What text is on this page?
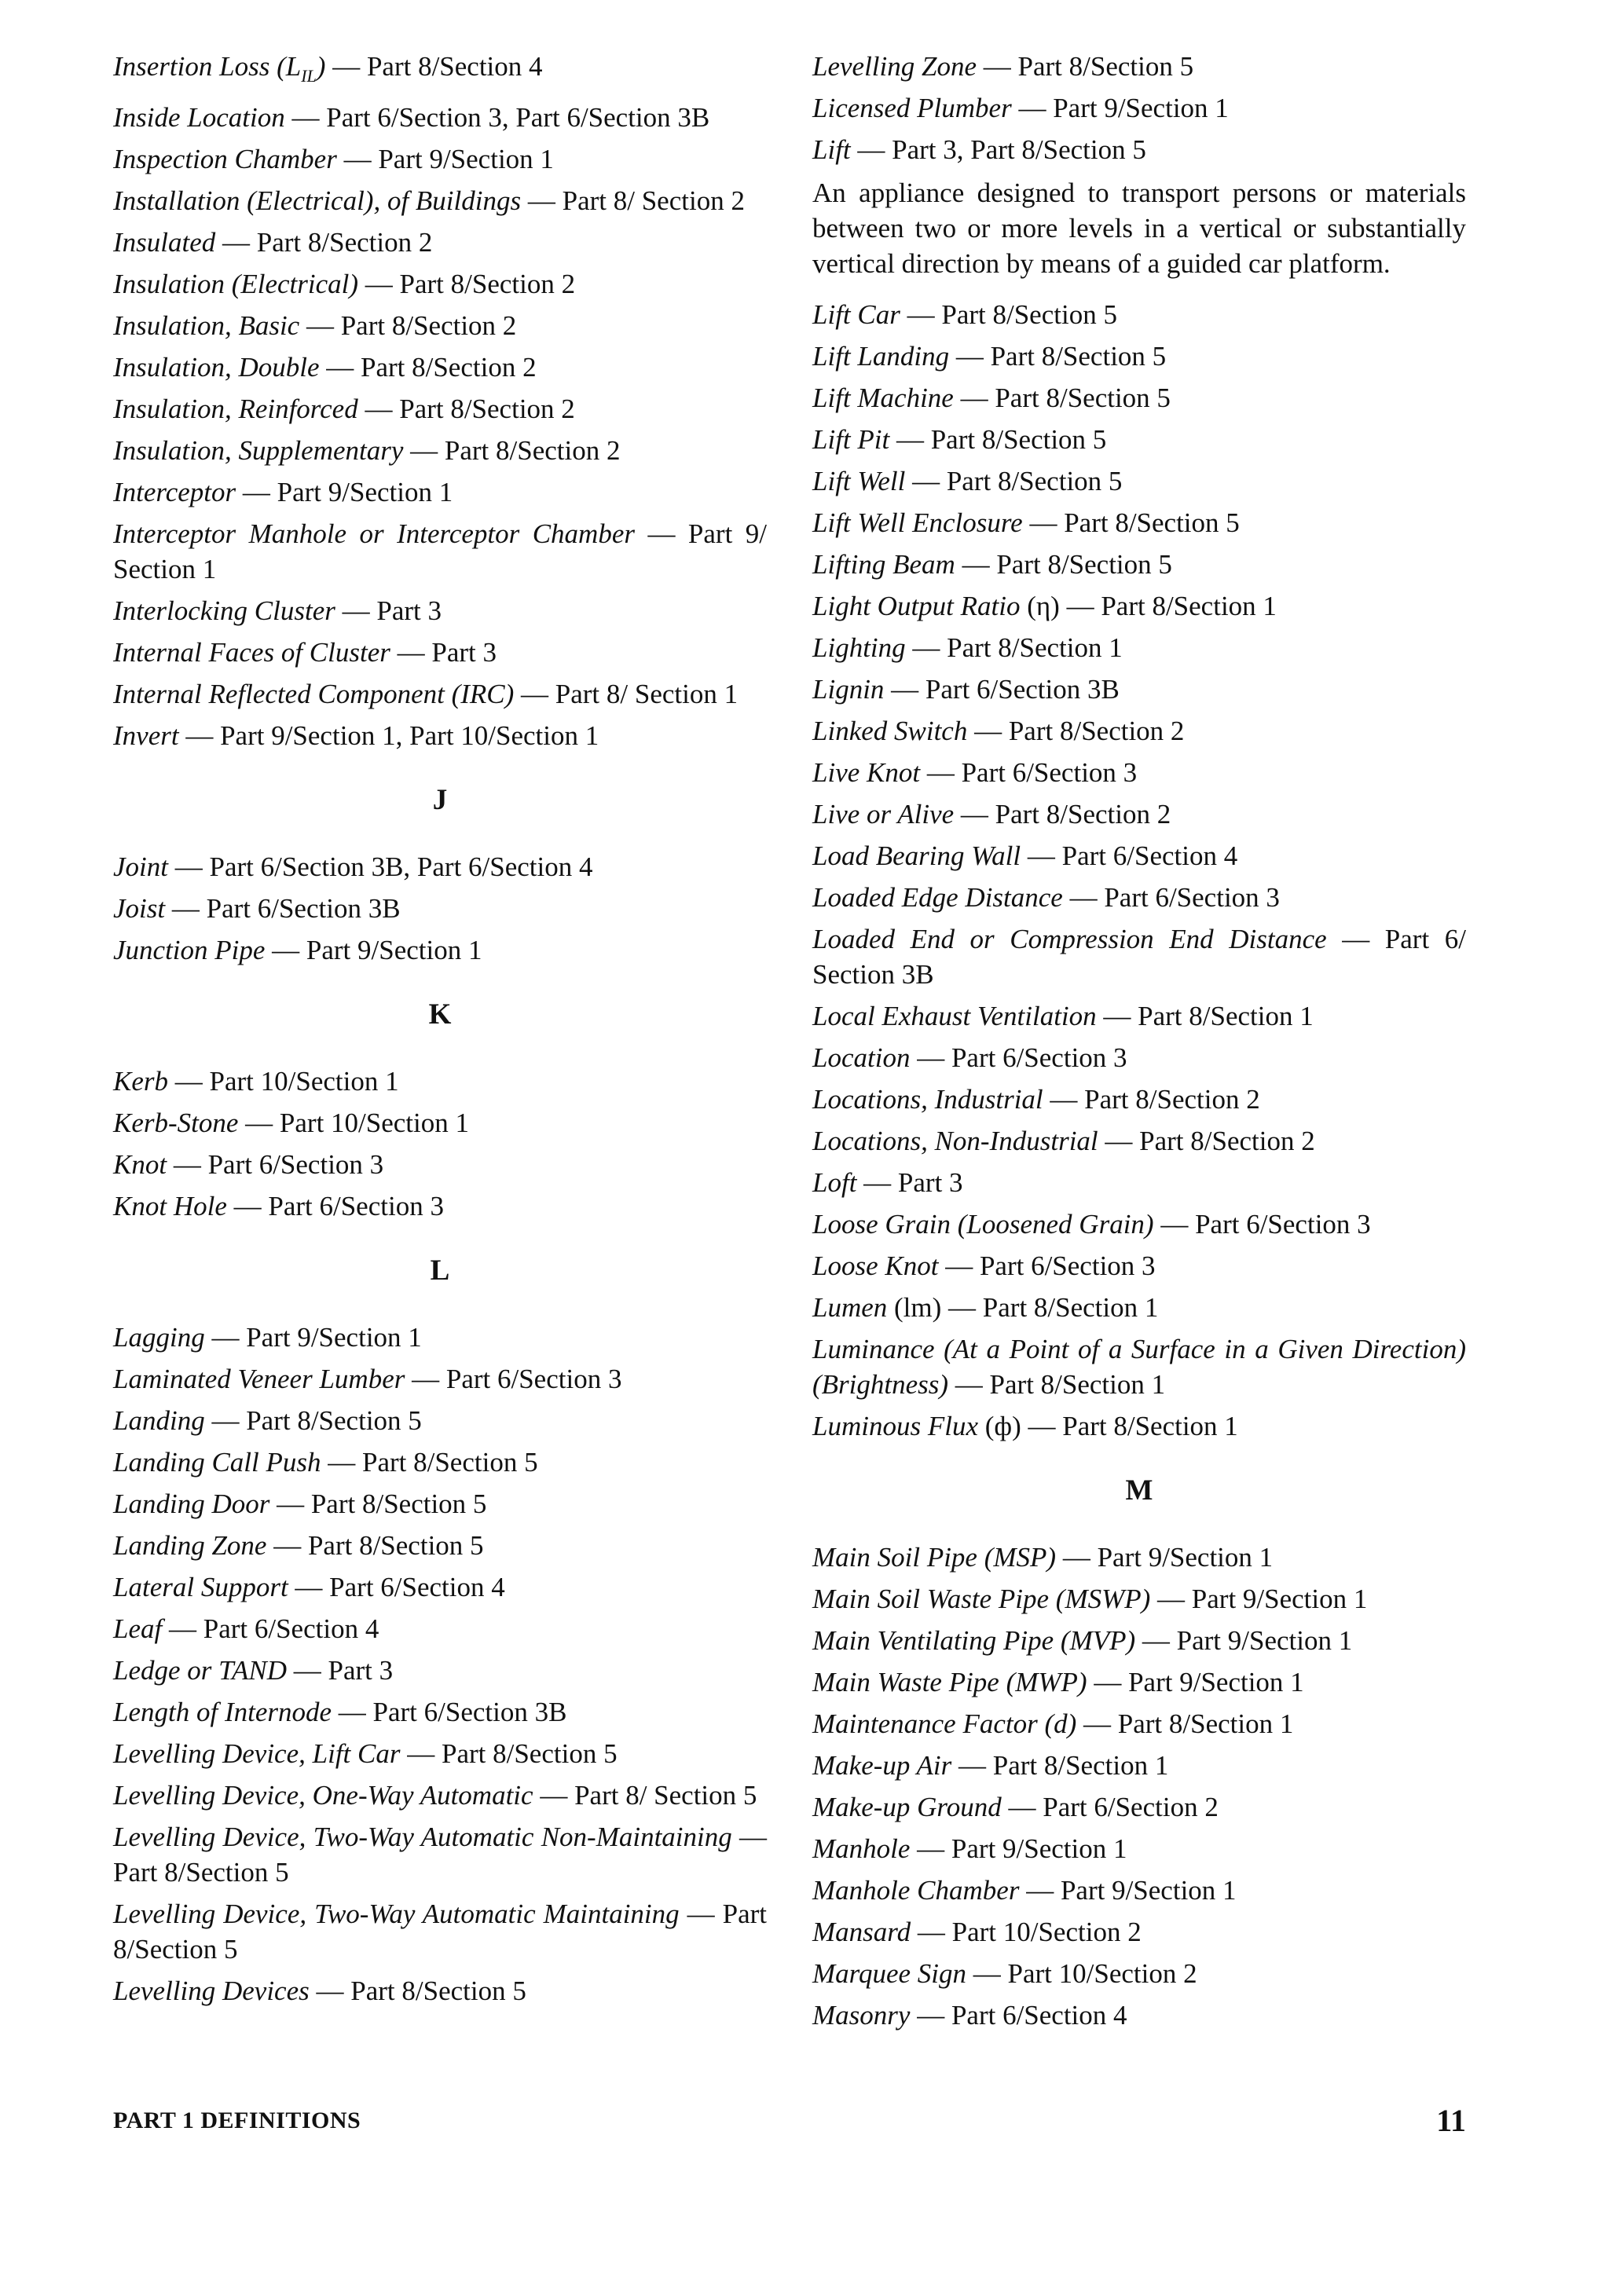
Insertion Loss $(L_{IL})$ — Part 8/Section 4
Inside Location — Part 6/Section 3, Part 6/Section 3B
Inspection Chamber — Part 9/Section 1
Installation (Electrical), of Buildings — Part 8/ Section 2
Insulated — Part 8/Section 2
Insulation (Electrical) — Part 8/Section 2
Insulation, Basic — Part 8/Section 2
Insulation, Double — Part 8/Section 2
Insulation, Reinforced — Part 8/Section 2
Insulation, Supplementary — Part 8/Section 2
Interceptor — Part 9/Section 1
Interceptor Manhole or Interceptor Chamber — Part 9/ Section 1
Interlocking Cluster — Part 3
Internal Faces of Cluster — Part 3
Internal Reflected Component (IRC) — Part 8/ Section 1
Invert — Part 9/Section 1, Part 10/Section 1
J
Joint — Part 6/Section 3B, Part 6/Section 4
Joist — Part 6/Section 3B
Junction Pipe — Part 9/Section 1
K
Kerb — Part 10/Section 1
Kerb-Stone — Part 10/Section 1
Knot — Part 6/Section 3
Knot Hole — Part 6/Section 3
L
Lagging — Part 9/Section 1
Laminated Veneer Lumber — Part 6/Section 3
Landing — Part 8/Section 5
Landing Call Push — Part 8/Section 5
Landing Door — Part 8/Section 5
Landing Zone — Part 8/Section 5
Lateral Support — Part 6/Section 4
Leaf — Part 6/Section 4
Ledge or TAND — Part 3
Length of Internode — Part 6/Section 3B
Levelling Device, Lift Car — Part 8/Section 5
Levelling Device, One-Way Automatic — Part 8/ Section 5
Levelling Device, Two-Way Automatic Non-Maintaining — Part 8/Section 5
Levelling Device, Two-Way Automatic Maintaining — Part 8/Section 5
Levelling Devices — Part 8/Section 5
Levelling Zone — Part 8/Section 5
Licensed Plumber — Part 9/Section 1
Lift — Part 3, Part 8/Section 5
An appliance designed to transport persons or materials between two or more levels in a vertical or substantially vertical direction by means of a guided car platform.
Lift Car — Part 8/Section 5
Lift Landing — Part 8/Section 5
Lift Machine — Part 8/Section 5
Lift Pit — Part 8/Section 5
Lift Well — Part 8/Section 5
Lift Well Enclosure — Part 8/Section 5
Lifting Beam — Part 8/Section 5
Light Output Ratio (η) — Part 8/Section 1
Lighting — Part 8/Section 1
Lignin — Part 6/Section 3B
Linked Switch — Part 8/Section 2
Live Knot — Part 6/Section 3
Live or Alive — Part 8/Section 2
Load Bearing Wall — Part 6/Section 4
Loaded Edge Distance — Part 6/Section 3
Loaded End or Compression End Distance — Part 6/ Section 3B
Local Exhaust Ventilation — Part 8/Section 1
Location — Part 6/Section 3
Locations, Industrial — Part 8/Section 2
Locations, Non-Industrial — Part 8/Section 2
Loft — Part 3
Loose Grain (Loosened Grain) — Part 6/Section 3
Loose Knot — Part 6/Section 3
Lumen (lm) — Part 8/Section 1
Luminance (At a Point of a Surface in a Given Direction) (Brightness) — Part 8/Section 1
Luminous Flux (ф) — Part 8/Section 1
M
Main Soil Pipe (MSP) — Part 9/Section 1
Main Soil Waste Pipe (MSWP) — Part 9/Section 1
Main Ventilating Pipe (MVP) — Part 9/Section 1
Main Waste Pipe (MWP) — Part 9/Section 1
Maintenance Factor (d) — Part 8/Section 1
Make-up Air — Part 8/Section 1
Make-up Ground — Part 6/Section 2
Manhole — Part 9/Section 1
Manhole Chamber — Part 9/Section 1
Mansard — Part 10/Section 2
Marquee Sign — Part 10/Section 2
Masonry — Part 6/Section 4
PART 1 DEFINITIONS	11
